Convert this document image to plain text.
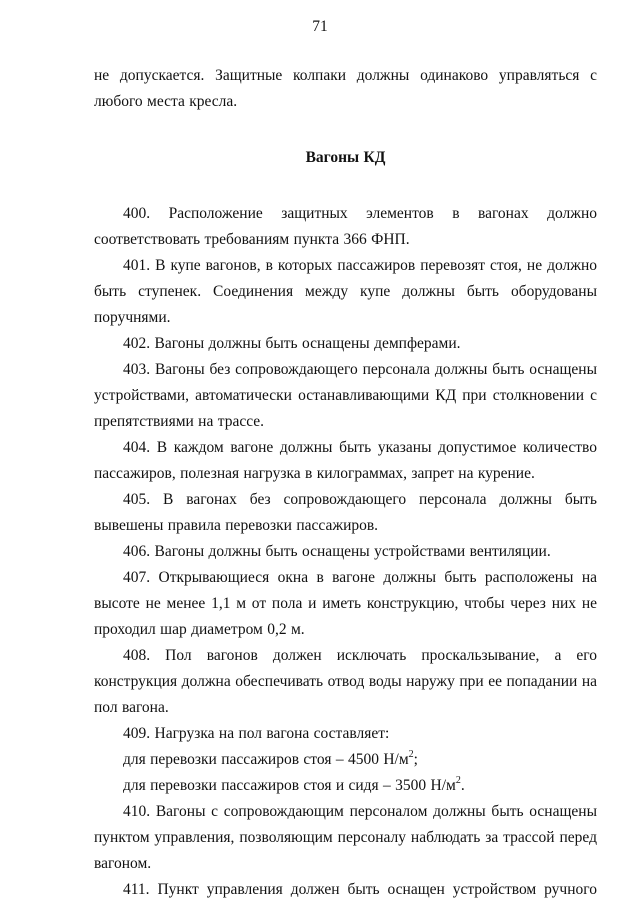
71

не допускается. Защитные колпаки должны одинаково управляться с любого места кресла.

Вагоны КД

400. Расположение защитных элементов в вагонах должно соответствовать требованиям пункта 366 ФНП.

401. В купе вагонов, в которых пассажиров перевозят стоя, не должно быть ступенек. Соединения между купе должны быть оборудованы поручнями.

402. Вагоны должны быть оснащены демпферами.

403. Вагоны без сопровождающего персонала должны быть оснащены устройствами, автоматически останавливающими КД при столкновении с препятствиями на трассе.

404. В каждом вагоне должны быть указаны допустимое количество пассажиров, полезная нагрузка в килограммах, запрет на курение.

405. В вагонах без сопровождающего персонала должны быть вывешены правила перевозки пассажиров.

406. Вагоны должны быть оснащены устройствами вентиляции.

407. Открывающиеся окна в вагоне должны быть расположены на высоте не менее 1,1 м от пола и иметь конструкцию, чтобы через них не проходил шар диаметром 0,2 м.

408. Пол вагонов должен исключать проскальзывание, а его конструкция должна обеспечивать отвод воды наружу при ее попадании на пол вагона.

409. Нагрузка на пол вагона составляет:

для перевозки пассажиров стоя – 4500 $Н/м^2$;

для перевозки пассажиров стоя и сидя – 3500 $Н/м^2$.

410. Вагоны с сопровождающим персоналом должны быть оснащены пунктом управления, позволяющим персоналу наблюдать за трассой перед вагоном.

411. Пункт управления должен быть оснащен устройством ручного
